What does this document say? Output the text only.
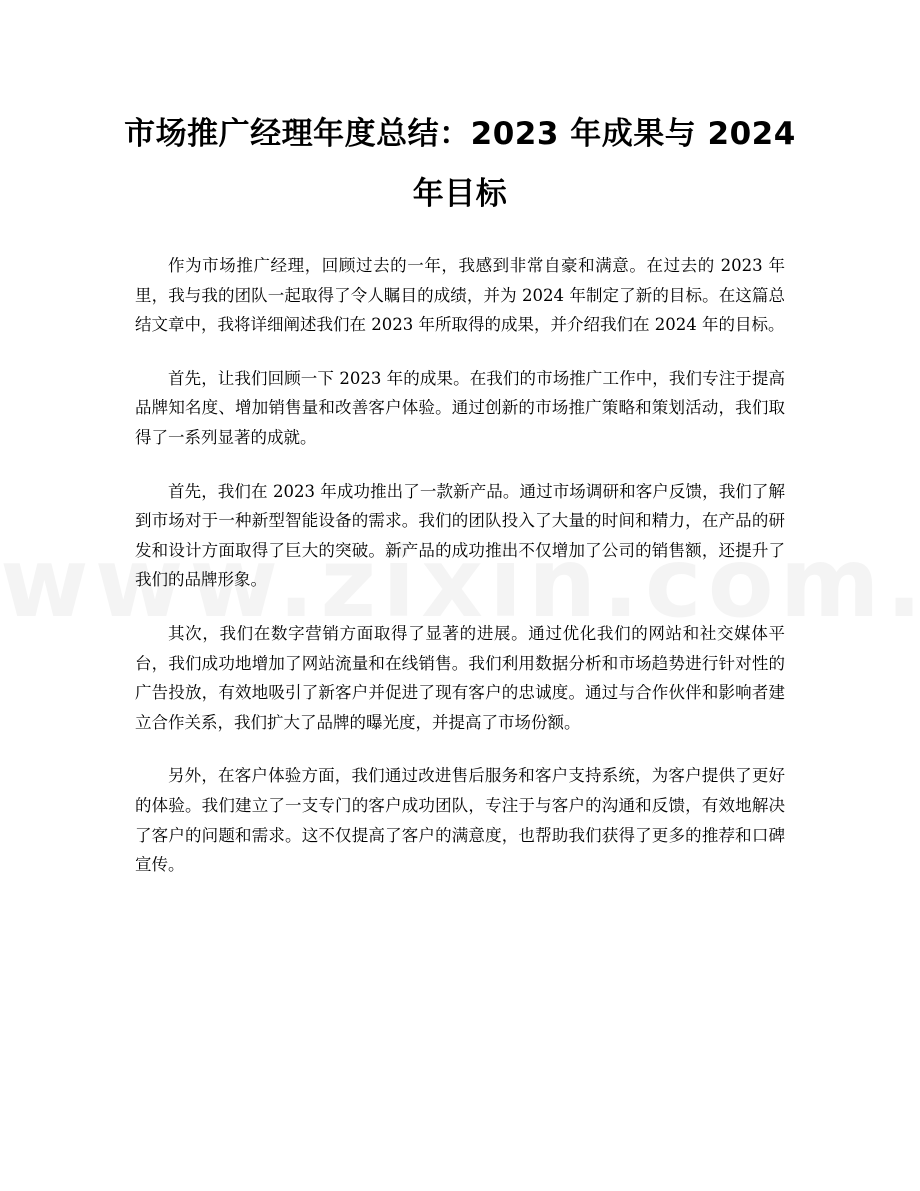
市场推广经理年度总结：2023 年成果与 2024
年目标

作为市场推广经理，回顾过去的一年，我感到非常自豪和满意。在过去的 2023 年里，我与我的团队一起取得了令人瞩目的成绩，并为 2024 年制定了新的目标。在这篇总结文章中，我将详细阐述我们在 2023 年所取得的成果，并介绍我们在 2024 年的目标。

首先，让我们回顾一下 2023 年的成果。在我们的市场推广工作中，我们专注于提高品牌知名度、增加销售量和改善客户体验。通过创新的市场推广策略和策划活动，我们取得了一系列显著的成就。

首先，我们在 2023 年成功推出了一款新产品。通过市场调研和客户反馈，我们了解到市场对于一种新型智能设备的需求。我们的团队投入了大量的时间和精力，在产品的研发和设计方面取得了巨大的突破。新产品的成功推出不仅增加了公司的销售额，还提升了我们的品牌形象。

其次，我们在数字营销方面取得了显著的进展。通过优化我们的网站和社交媒体平台，我们成功地增加了网站流量和在线销售。我们利用数据分析和市场趋势进行针对性的广告投放，有效地吸引了新客户并促进了现有客户的忠诚度。通过与合作伙伴和影响者建立合作关系，我们扩大了品牌的曝光度，并提高了市场份额。

另外，在客户体验方面，我们通过改进售后服务和客户支持系统，为客户提供了更好的体验。我们建立了一支专门的客户成功团队，专注于与客户的沟通和反馈，有效地解决了客户的问题和需求。这不仅提高了客户的满意度，也帮助我们获得了更多的推荐和口碑宣传。
